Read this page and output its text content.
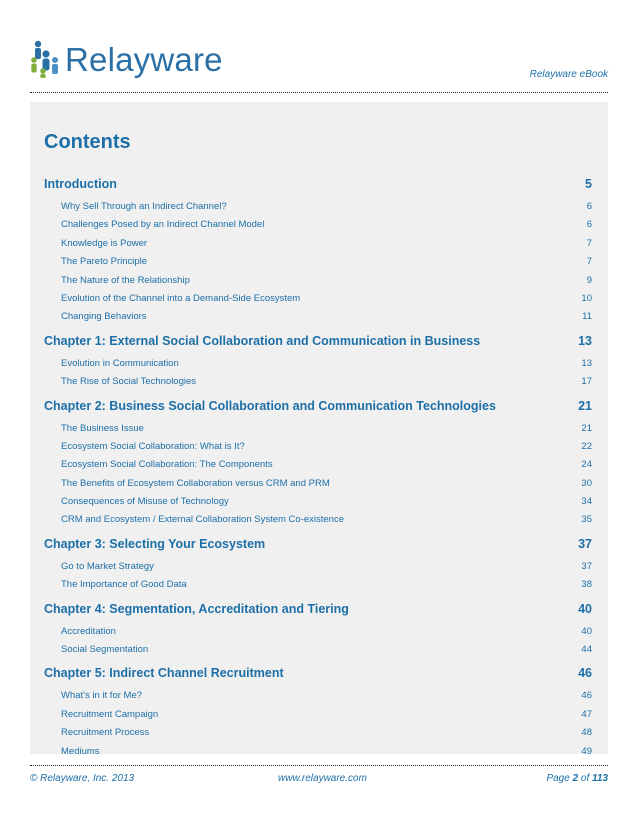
Relayware	Relayware eBook
Contents
Introduction	5
Why Sell Through an Indirect Channel?	6
Challenges Posed by an Indirect Channel Model	6
Knowledge is Power	7
The Pareto Principle	7
The Nature of the Relationship	9
Evolution of the Channel into a Demand-Side Ecosystem	10
Changing Behaviors	11
Chapter 1: External Social Collaboration and Communication in Business	13
Evolution in Communication	13
The Rise of Social Technologies	17
Chapter 2: Business Social Collaboration and Communication Technologies	21
The Business Issue	21
Ecosystem Social Collaboration: What is It?	22
Ecosystem Social Collaboration: The Components	24
The Benefits of Ecosystem Collaboration versus CRM and PRM	30
Consequences of Misuse of Technology	34
CRM and Ecosystem / External Collaboration System Co-existence	35
Chapter 3: Selecting Your Ecosystem	37
Go to Market Strategy	37
The Importance of Good Data	38
Chapter 4: Segmentation, Accreditation and Tiering	40
Accreditation	40
Social Segmentation	44
Chapter 5: Indirect Channel Recruitment	46
What's in it for Me?	46
Recruitment Campaign	47
Recruitment Process	48
Mediums	49
© Relayware, Inc. 2013	www.relayware.com	Page 2 of 113
